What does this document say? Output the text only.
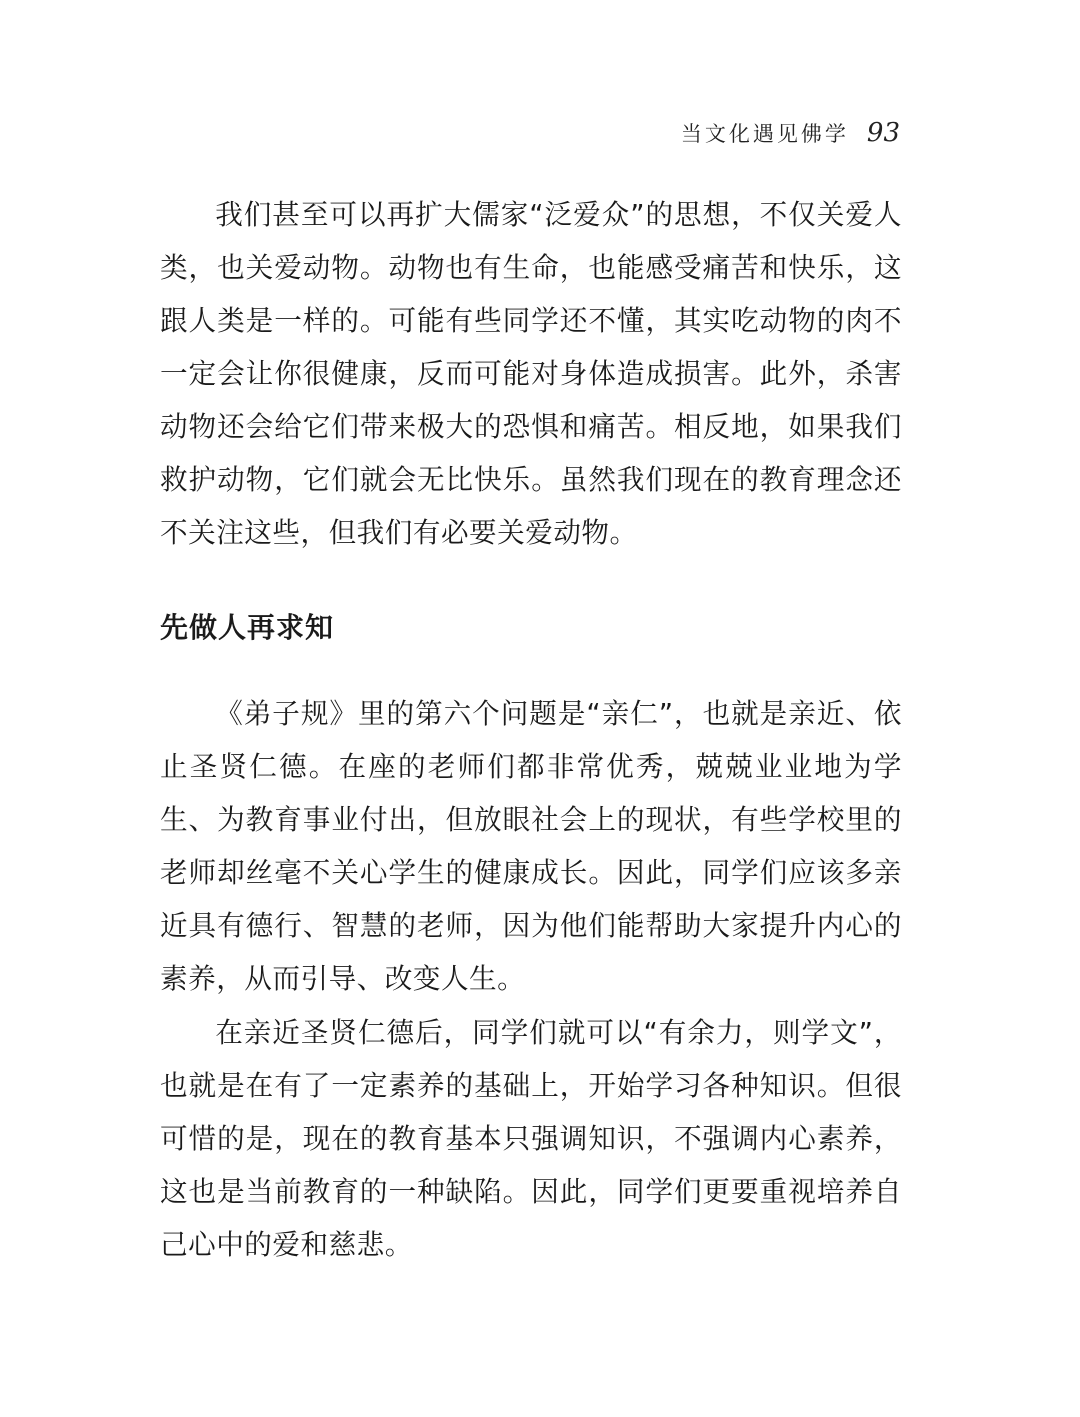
当文化遇见佛学 93

我们甚至可以再扩大儒家“泛爱众”的思想，不仅关爱人类，也关爱动物。动物也有生命，也能感受痛苦和快乐，这跟人类是一样的。可能有些同学还不懂，其实吃动物的肉不一定会让你很健康，反而可能对身体造成损害。此外，杀害动物还会给它们带来极大的恐惧和痛苦。相反地，如果我们救护动物，它们就会无比快乐。虽然我们现在的教育理念还不关注这些，但我们有必要关爱动物。

先做人再求知

《弟子规》里的第六个问题是“亲仁”，也就是亲近、依止圣贤仁德。在座的老师们都非常优秀，兢兢业业地为学生、为教育事业付出，但放眼社会上的现状，有些学校里的老师却丝毫不关心学生的健康成长。因此，同学们应该多亲近具有德行、智慧的老师，因为他们能帮助大家提升内心的素养，从而引导、改变人生。

在亲近圣贤仁德后，同学们就可以“有余力，则学文”，也就是在有了一定素养的基础上，开始学习各种知识。但很可惜的是，现在的教育基本只强调知识，不强调内心素养，这也是当前教育的一种缺陷。因此，同学们更要重视培养自己心中的爱和慈悲。
